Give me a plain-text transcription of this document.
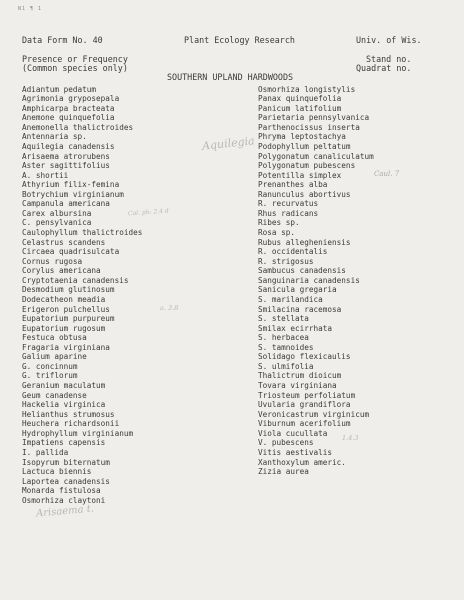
N1 ¶ 1
Data Form No. 40	Plant Ecology Research	Univ. of Wis.
Presence or Frequency
(Common species only)
Stand no.
Quadrat no.
SOUTHERN UPLAND HARDWOODS
Adiantum pedatum
Agrimonia gryposepala
Amphicarpa bracteata
Anemone quinquefolia
Anemonella thalictroides
Antennaria sp.
Aquilegia canadensis
Arisaema atrorubens
Aster sagittifolius
A. shortii
Athyrium filix-femina
Botrychium virginianum
Campanula americana
Carex albursina
C. pensylvanica
Caulophyllum thalictroides
Celastrus scandens
Circaea quadrisulcata
Cornus rugosa
Corylus americana
Cryptotaenia canadensis
Desmodium glutinosum
Dodecatheon meadia
Erigeron pulchellus
Eupatorium purpureum
Eupatorium rugosum
Festuca obtusa
Fragaria virginiana
Galium aparine
G. concinnum
G. triflorum
Geranium maculatum
Geum canadense
Hackelia virginica
Helianthus strumosus
Heuchera richardsonii
Hydrophyllum virginianum
Impatiens capensis
I. pallida
Isopyrum biternatum
Lactuca biennis
Laportea canadensis
Monarda fistulosa
Osmorhiza claytoni
Osmorhiza longistylis
Panax quinquefolia
Panicum latifolium
Parietaria pennsylvanica
Parthenocissus inserta
Phryma leptostachya
Podophyllum peltatum
Polygonatum canaliculatum
Polygonatum pubescens
Potentilla simplex
Prenanthes alba
Ranunculus abortivus
R. recurvatus
Rhus radicans
Ribes sp.
Rosa sp.
Rubus allegheniensis
R. occidentalis
R. strigosus
Sambucus canadensis
Sanguinaria canadensis
Sanicula gregaria
S. marilandica
Smilacina racemosa
S. stellata
Smilax ecirrhata
S. herbacea
S. tamnoides
Solidago flexicaulis
S. ulmifolia
Thalictrum dioicum
Tovara virginiana
Triosteum perfoliatum
Uvularia grandiflora
Veronicastrum virginicum
Viburnum acerifolium
Viola cucullata
V. pubescens
Vitis aestivalis
Xanthoxylum americ.
Zizia aurea
Aquilegia
Cal. ph: 2.4 d
a. 3.8
Caul. 7
1.4.3
Arisaema t.
